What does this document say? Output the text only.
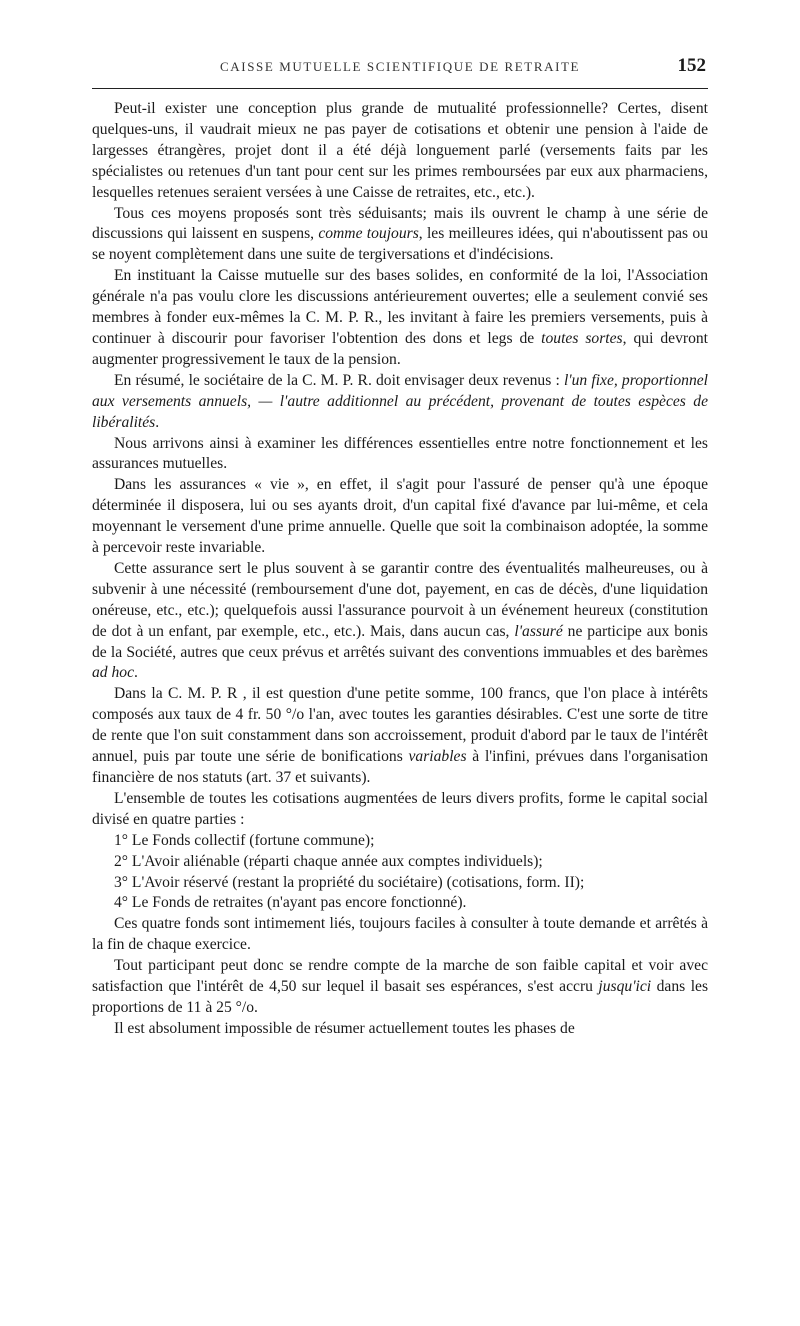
CAISSE MUTUELLE SCIENTIFIQUE DE RETRAITE	152

Peut-il exister une conception plus grande de mutualité professionnelle? Certes, disent quelques-uns, il vaudrait mieux ne pas payer de cotisations et obtenir une pension à l'aide de largesses étrangères, projet dont il a été déjà longuement parlé (versements faits par les spécialistes ou retenues d'un tant pour cent sur les primes remboursées par eux aux pharmaciens, lesquelles retenues seraient versées à une Caisse de retraites, etc., etc.).

Tous ces moyens proposés sont très séduisants; mais ils ouvrent le champ à une série de discussions qui laissent en suspens, comme toujours, les meilleures idées, qui n'aboutissent pas ou se noyent complètement dans une suite de tergiversations et d'indécisions.

En instituant la Caisse mutuelle sur des bases solides, en conformité de la loi, l'Association générale n'a pas voulu clore les discussions antérieurement ouvertes; elle a seulement convié ses membres à fonder eux-mêmes la C. M. P. R., les invitant à faire les premiers versements, puis à continuer à discourir pour favoriser l'obtention des dons et legs de toutes sortes, qui devront augmenter progressivement le taux de la pension.

En résumé, le sociétaire de la C. M. P. R. doit envisager deux revenus : l'un fixe, proportionnel aux versements annuels, — l'autre additionnel au précédent, provenant de toutes espèces de libéralités.

Nous arrivons ainsi à examiner les différences essentielles entre notre fonctionnement et les assurances mutuelles.

Dans les assurances « vie », en effet, il s'agit pour l'assuré de penser qu'à une époque déterminée il disposera, lui ou ses ayants droit, d'un capital fixé d'avance par lui-même, et cela moyennant le versement d'une prime annuelle. Quelle que soit la combinaison adoptée, la somme à percevoir reste invariable.

Cette assurance sert le plus souvent à se garantir contre des éventualités malheureuses, ou à subvenir à une nécessité (remboursement d'une dot, payement, en cas de décès, d'une liquidation onéreuse, etc., etc.); quelquefois aussi l'assurance pourvoit à un événement heureux (constitution de dot à un enfant, par exemple, etc., etc.). Mais, dans aucun cas, l'assuré ne participe aux bonis de la Société, autres que ceux prévus et arrêtés suivant des conventions immuables et des barèmes ad hoc.

Dans la C. M. P. R , il est question d'une petite somme, 100 francs, que l'on place à intérêts composés aux taux de 4 fr. 50 °/o l'an, avec toutes les garanties désirables. C'est une sorte de titre de rente que l'on suit constamment dans son accroissement, produit d'abord par le taux de l'intérêt annuel, puis par toute une série de bonifications variables à l'infini, prévues dans l'organisation financière de nos statuts (art. 37 et suivants).

L'ensemble de toutes les cotisations augmentées de leurs divers profits, forme le capital social divisé en quatre parties :

1° Le Fonds collectif (fortune commune);

2° L'Avoir aliénable (réparti chaque année aux comptes individuels);

3° L'Avoir réservé (restant la propriété du sociétaire) (cotisations, form. II);

4° Le Fonds de retraites (n'ayant pas encore fonctionné).

Ces quatre fonds sont intimement liés, toujours faciles à consulter à toute demande et arrêtés à la fin de chaque exercice.

Tout participant peut donc se rendre compte de la marche de son faible capital et voir avec satisfaction que l'intérêt de 4,50 sur lequel il basait ses espérances, s'est accru jusqu'ici dans les proportions de 11 à 25 °/o.

Il est absolument impossible de résumer actuellement toutes les phases de
